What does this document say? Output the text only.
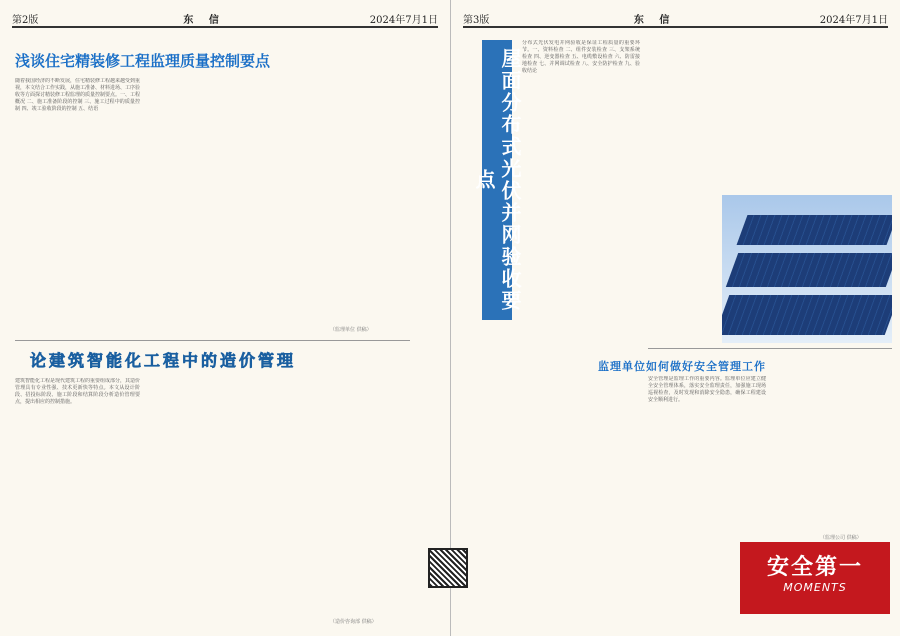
第2版	东 信	2024年7月1日
浅谈住宅精装修工程监理质量控制要点

随着我国经济的不断发展，住宅精装修工程越来越受到重视，本文结合工作实践，从施工准备、材料进场、工序验收等方面探讨精装修工程监理的质量控制要点。一、工程概况 二、施工准备阶段的控制 三、施工过程中的质量控制 四、竣工验收阶段的控制 五、结语

（监理单位 供稿）
论建筑智能化工程中的造价管理

建筑智能化工程是现代建筑工程的重要组成部分，其造价管理具有专业性强、技术更新快等特点。本文从设计阶段、招投标阶段、施工阶段和结算阶段分析造价管理要点，提出相应的控制措施。

（造价咨询部 供稿）

第3版	东 信	2024年7月1日
屋面分布式光伏并网验收要点

分布式光伏发电并网验收是保证工程质量的重要环节。一、资料检查 二、组件安装检查 三、支架系统检查 四、逆变器检查 五、电缆敷设检查 六、防雷接地检查 七、并网调试检查 八、安全防护检查 九、验收结论

监理单位如何做好安全管理工作

安全管理是监理工作的重要内容。监理单位应建立健全安全管理体系，落实安全监理责任，加强施工现场巡视检查，及时发现和消除安全隐患，确保工程建设安全顺利进行。

（监理公司 供稿）
安全第一
MOMENTS
